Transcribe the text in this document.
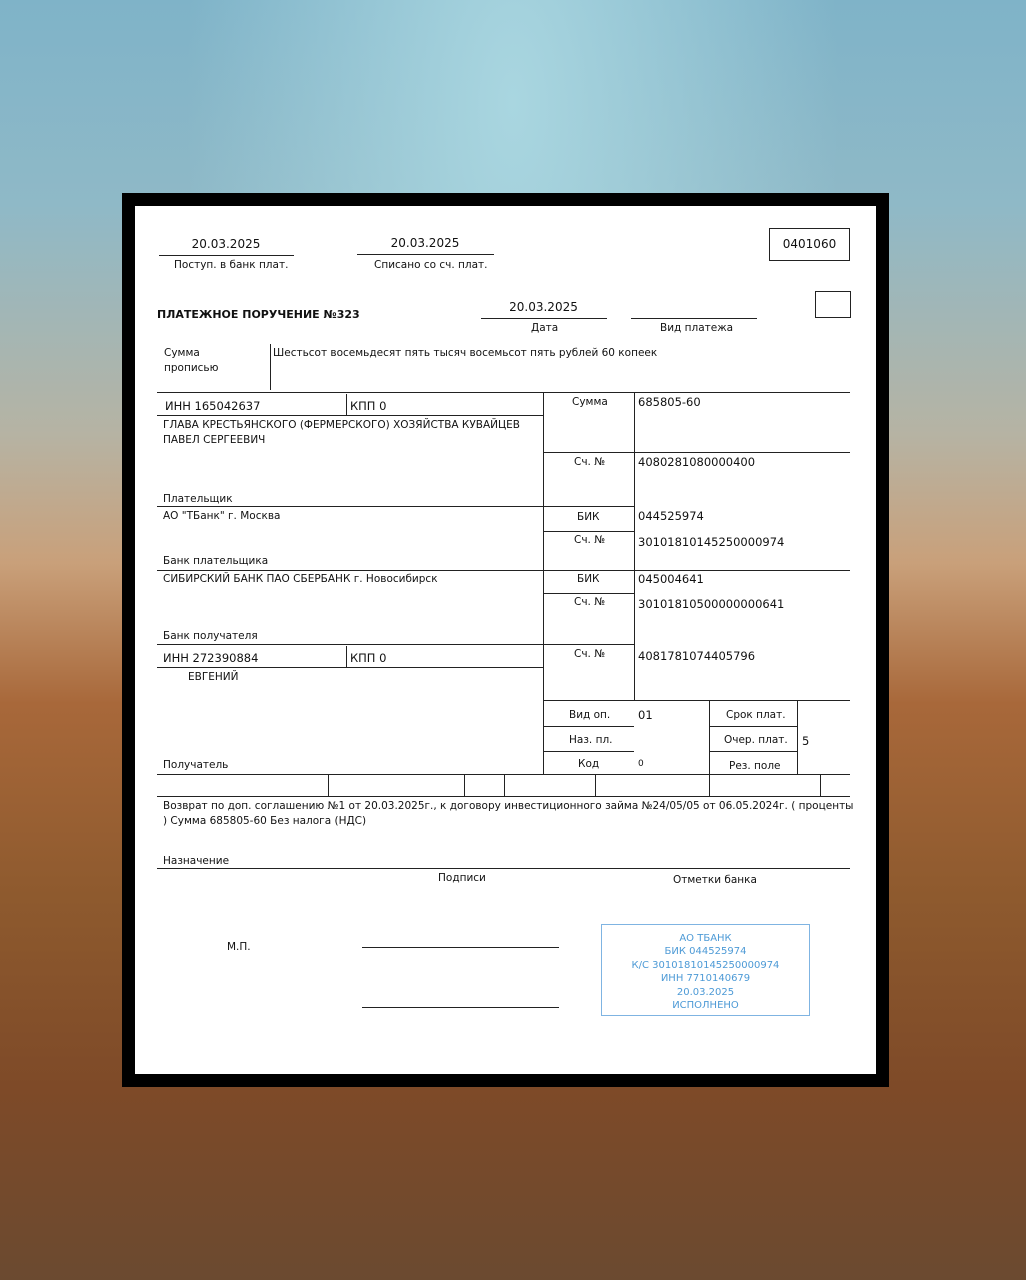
20.03.2025
Поступ. в банк плат.
20.03.2025
Списано со сч. плат.
0401060
ПЛАТЕЖНОЕ ПОРУЧЕНИЕ №323
20.03.2025
Дата	Вид платежа
Сумма
прописью
Шестьсот восемьдесят пять тысяч восемьсот пять рублей 60 копеек
ИНН 165042637	КПП 0
ГЛАВА КРЕСТЬЯНСКОГО (ФЕРМЕРСКОГО) ХОЗЯЙСТВА КУВАЙЦЕВ
ПАВЕЛ СЕРГЕЕВИЧ
Плательщик
Сумма	685805-60
Сч. №	4080281080000400
АО "ТБанк" г. Москва
Банк плательщика
БИК	044525974
Сч. №	30101810145250000974
СИБИРСКИЙ БАНК ПАО СБЕРБАНК г. Новосибирск
Банк получателя
БИК	045004641
Сч. №	30101810500000000641
ИНН 272390884	КПП 0
ЕВГЕНИЙ
Сч. №	4081781074405796
Получатель
Вид оп. 01
Наз. пл.
Код	0
Срок плат.
Очер. плат. 5
Рез. поле
Возврат по доп. соглашению №1 от 20.03.2025г., к договору инвестиционного займа №24/05/05 от 06.05.2024г. ( проценты
) Сумма 685805-60 Без налога (НДС)
Назначение
Подписи	Отметки банка
М.П.
АО ТБАНК
БИК 044525974
К/С 30101810145250000974
ИНН 7710140679
20.03.2025
ИСПОЛНЕНО
